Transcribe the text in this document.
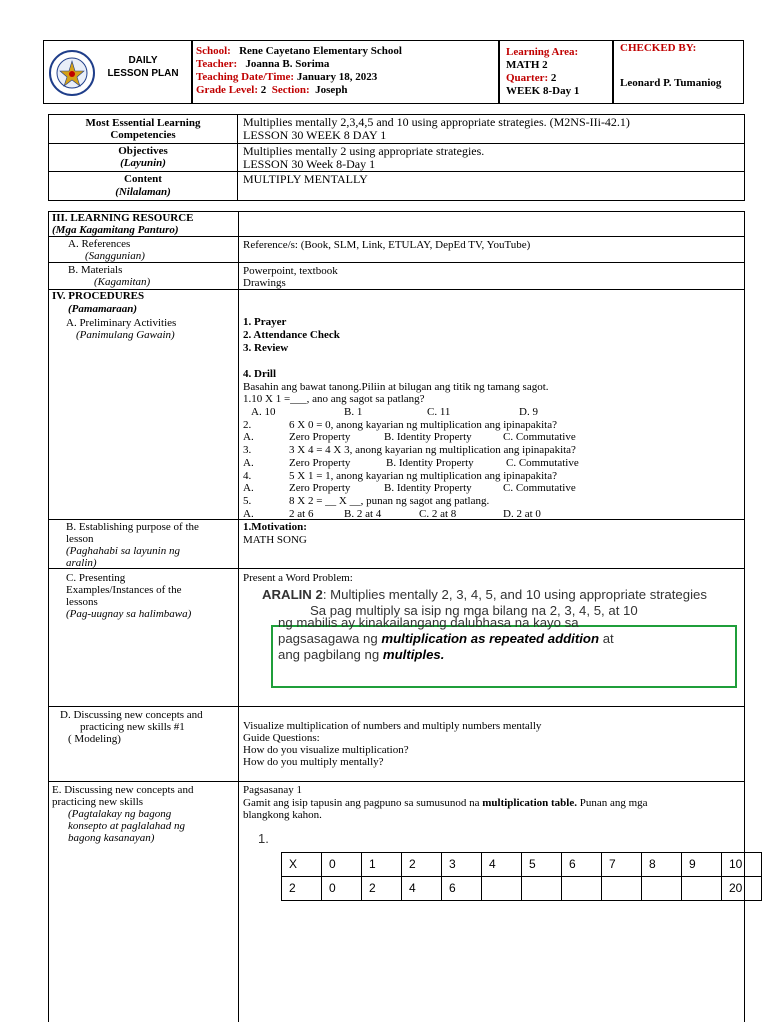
DAILY
LESSON PLAN
School: Rene Cayetano Elementary School
Teacher: Joanna B. Sorima
Teaching Date/Time: January 18, 2023
Grade Level: 2 Section: Joseph
Learning Area:
MATH 2
Quarter: 2
WEEK 8-Day 1
CHECKED BY:
Leonard P. Tumaniog
Most Essential Learning
Competencies
Multiplies mentally 2,3,4,5 and 10 using appropriate strategies. (M2NS-IIi-42.1)
LESSON 30 WEEK 8 DAY 1
Objectives
(Layunin)
Multiplies mentally 2 using appropriate strategies.
LESSON 30 Week 8-Day 1
Content
(Nilalaman)
MULTIPLY MENTALLY
III. LEARNING RESOURCE
(Mga Kagamitang Panturo)
A. References
(Sanggunian)
Reference/s: (Book, SLM, Link, ETULAY, DepEd TV, YouTube)
B. Materials
(Kagamitan)
Powerpoint, textbook
Drawings
IV. PROCEDURES
(Pamamaraan)
A. Preliminary Activities
(Panimulang Gawain)
1. Prayer
2. Attendance Check
3. Review
4. Drill
Basahin ang bawat tanong.Piliin at bilugan ang titik ng tamang sagot.
1.10 X 1 =___, ano ang sagot sa patlang?
A. 10	B. 1	C. 11	D. 9
2.	6 X 0 = 0, anong kayarian ng multiplication ang ipinapakita?
A.	Zero Property	B. Identity Property	C. Commutative
3.	3 X 4 = 4 X 3, anong kayarian ng multiplication ang ipinapakita?
A.	Zero Property	B. Identity Property	C. Commutative
4.	5 X 1 = 1, anong kayarian ng multiplication ang ipinapakita?
A.	Zero Property	B. Identity Property	C. Commutative
5.	8 X 2 = __ X __, punan ng sagot ang patlang.
A.	2 at 6	B. 2 at 4	C. 2 at 8	D. 2 at 0
B. Establishing purpose of the
lesson
(Paghahabi sa layunin ng
aralin)
1.Motivation:
MATH SONG
C. Presenting
Examples/Instances of the
lessons
(Pag-uugnay sa halimbawa)
Present a Word Problem:
ARALIN 2: Multiplies mentally 2, 3, 4, 5, and 10 using appropriate strategies
Sa pag multiply sa isip ng mga bilang na 2, 3, 4, 5, at 10
ng mabilis ay kinakailangang dalubhasa na kayo sa
pagsasagawa ng multiplication as repeated addition at
ang pagbilang ng multiples.
D. Discussing new concepts and
practicing new skills #1
( Modeling)
Visualize multiplication of numbers and multiply numbers mentally
Guide Questions:
How do you visualize multiplication?
How do you multiply mentally?
E. Discussing new concepts and
practicing new skills
(Pagtalakay ng bagong
konsepto at paglalahad ng
bagong kasanayan)
Pagsasanay 1
Gamit ang isip tapusin ang pagpuno sa sumusunod na multiplication table. Punan ang mga
blangkong kahon.
1.
X	0	1	2	3	4	5	6	7	8	9	10
2	0	2	4	6							20
